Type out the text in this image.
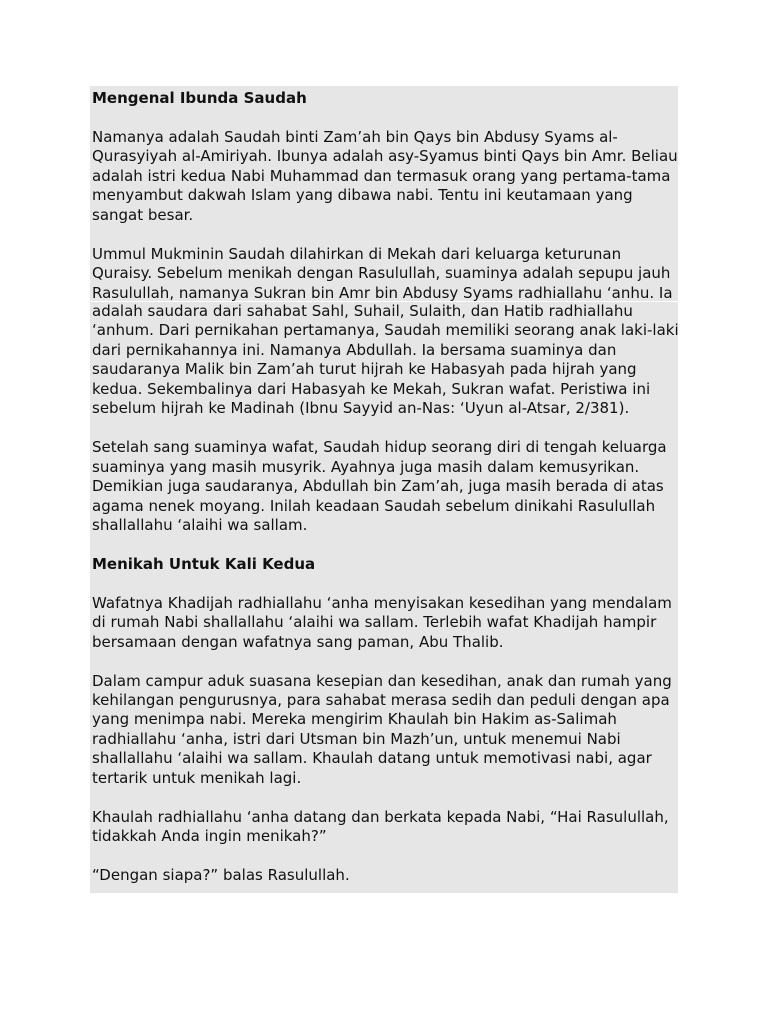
Mengenal Ibunda Saudah

Namanya adalah Saudah binti Zam’ah bin Qays bin Abdusy Syams al-
Qurasyiyah al-Amiriyah. Ibunya adalah asy-Syamus binti Qays bin Amr. Beliau
adalah istri kedua Nabi Muhammad dan termasuk orang yang pertama-tama
menyambut dakwah Islam yang dibawa nabi. Tentu ini keutamaan yang
sangat besar.

Ummul Mukminin Saudah dilahirkan di Mekah dari keluarga keturunan
Quraisy. Sebelum menikah dengan Rasulullah, suaminya adalah sepupu jauh
Rasulullah, namanya Sukran bin Amr bin Abdusy Syams radhiallahu ‘anhu. Ia

adalah saudara dari sahabat Sahl, Suhail, Sulaith, dan Hatib radhiallahu
‘anhum. Dari pernikahan pertamanya, Saudah memiliki seorang anak laki-laki
dari pernikahannya ini. Namanya Abdullah. Ia bersama suaminya dan
saudaranya Malik bin Zam’ah turut hijrah ke Habasyah pada hijrah yang
kedua. Sekembalinya dari Habasyah ke Mekah, Sukran wafat. Peristiwa ini
sebelum hijrah ke Madinah (Ibnu Sayyid an-Nas: ‘Uyun al-Atsar, 2/381).

Setelah sang suaminya wafat, Saudah hidup seorang diri di tengah keluarga
suaminya yang masih musyrik. Ayahnya juga masih dalam kemusyrikan.
Demikian juga saudaranya, Abdullah bin Zam’ah, juga masih berada di atas
agama nenek moyang. Inilah keadaan Saudah sebelum dinikahi Rasulullah
shallallahu ‘alaihi wa sallam.

Menikah Untuk Kali Kedua

Wafatnya Khadijah radhiallahu ‘anha menyisakan kesedihan yang mendalam
di rumah Nabi shallallahu ‘alaihi wa sallam. Terlebih wafat Khadijah hampir
bersamaan dengan wafatnya sang paman, Abu Thalib.

Dalam campur aduk suasana kesepian dan kesedihan, anak dan rumah yang
kehilangan pengurusnya, para sahabat merasa sedih dan peduli dengan apa
yang menimpa nabi. Mereka mengirim Khaulah bin Hakim as-Salimah
radhiallahu ‘anha, istri dari Utsman bin Mazh’un, untuk menemui Nabi
shallallahu ‘alaihi wa sallam. Khaulah datang untuk memotivasi nabi, agar
tertarik untuk menikah lagi.

Khaulah radhiallahu ‘anha datang dan berkata kepada Nabi, “Hai Rasulullah,
tidakkah Anda ingin menikah?”

“Dengan siapa?” balas Rasulullah.
